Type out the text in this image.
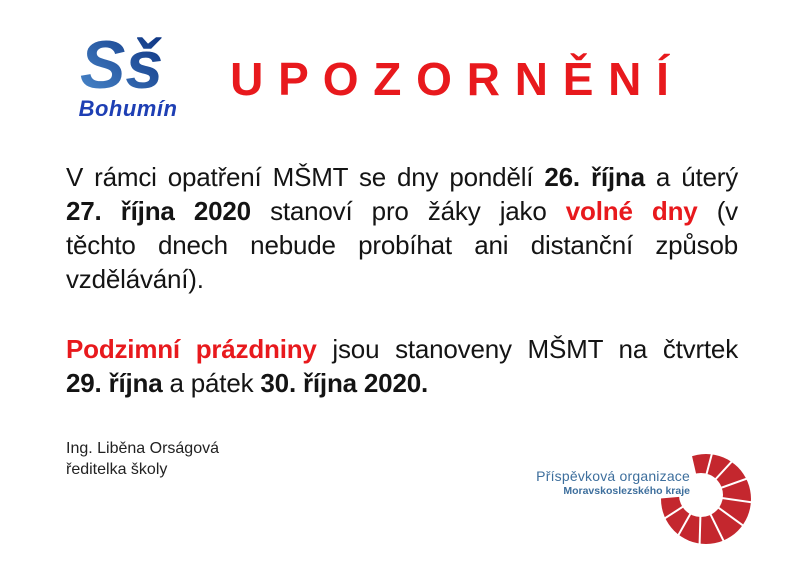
Sš
Bohumín
U P O Z O R N Ě N Í
V rámci opatření MŠMT se dny pondělí 26. října a úterý
27. října 2020 stanoví pro žáky jako volné dny (v
těchto dnech nebude probíhat ani distanční způsob
vzdělávání).
Podzimní prázdniny jsou stanoveny MŠMT na čtvrtek
29. října a pátek 30. října 2020.
Ing. Liběna Orságová
ředitelka školy	Příspěvková organizace
Moravskoslezského kraje
